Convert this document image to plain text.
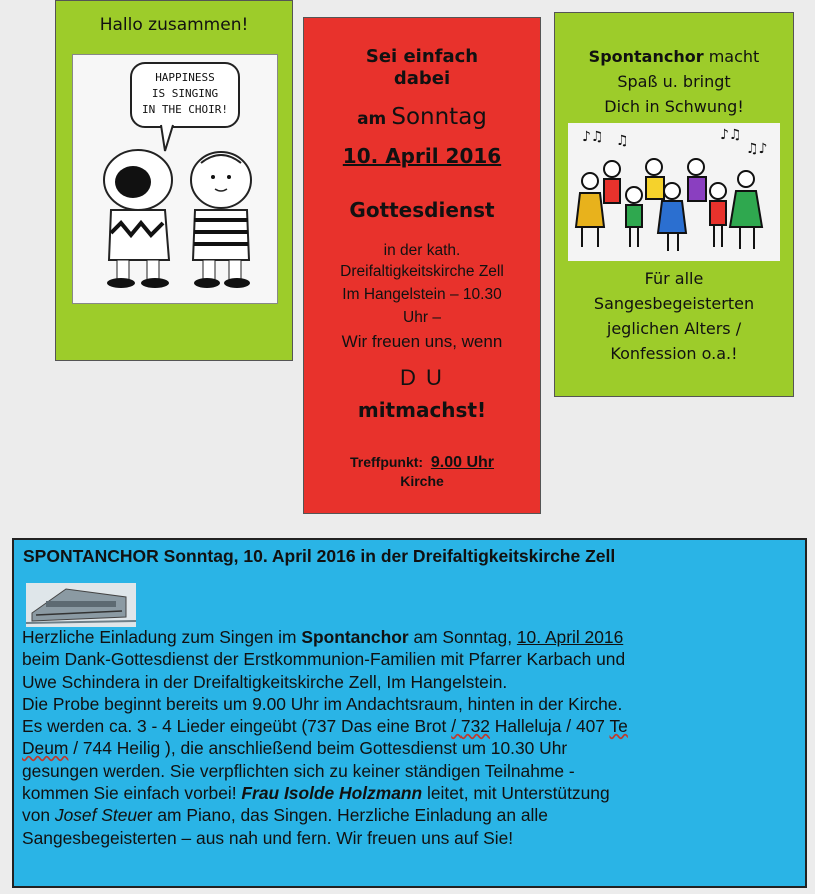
Hallo zusammen!
HAPPINESS
IS SINGING
IN THE CHOIR!
Sei einfach
dabei
am Sonntag
10. April 2016
Gottesdienst
in der kath.
Dreifaltigkeitskirche Zell
Im Hangelstein – 10.30
Uhr –
Wir freuen uns, wenn
D U
mitmachst!
Treffpunkt: 9.00 Uhr
Kirche
Spontanchor macht
Spaß u. bringt
Dich in Schwung!
♪♫ ♫	♪♫
♫♪
Für alle
Sangesbegeisterten
jeglichen Alters /
Konfession o.a.!
SPONTANCHOR Sonntag, 10. April 2016 in der Dreifaltigkeitskirche Zell
Herzliche Einladung zum Singen im Spontanchor am Sonntag, 10. April 2016
beim Dank-Gottesdienst der Erstkommunion-Familien mit Pfarrer Karbach und
Uwe Schindera in der Dreifaltigkeitskirche Zell, Im Hangelstein.
Die Probe beginnt bereits um 9.00 Uhr im Andachtsraum, hinten in der Kirche.
Es werden ca. 3 - 4 Lieder eingeübt (737 Das eine Brot / 732 Halleluja / 407 Te
Deum / 744 Heilig ), die anschließend beim Gottesdienst um 10.30 Uhr
gesungen werden. Sie verpflichten sich zu keiner ständigen Teilnahme -
kommen Sie einfach vorbei! Frau Isolde Holzmann leitet, mit Unterstützung
von Josef Steuer am Piano, das Singen. Herzliche Einladung an alle
Sangesbegeisterten – aus nah und fern. Wir freuen uns auf Sie!
